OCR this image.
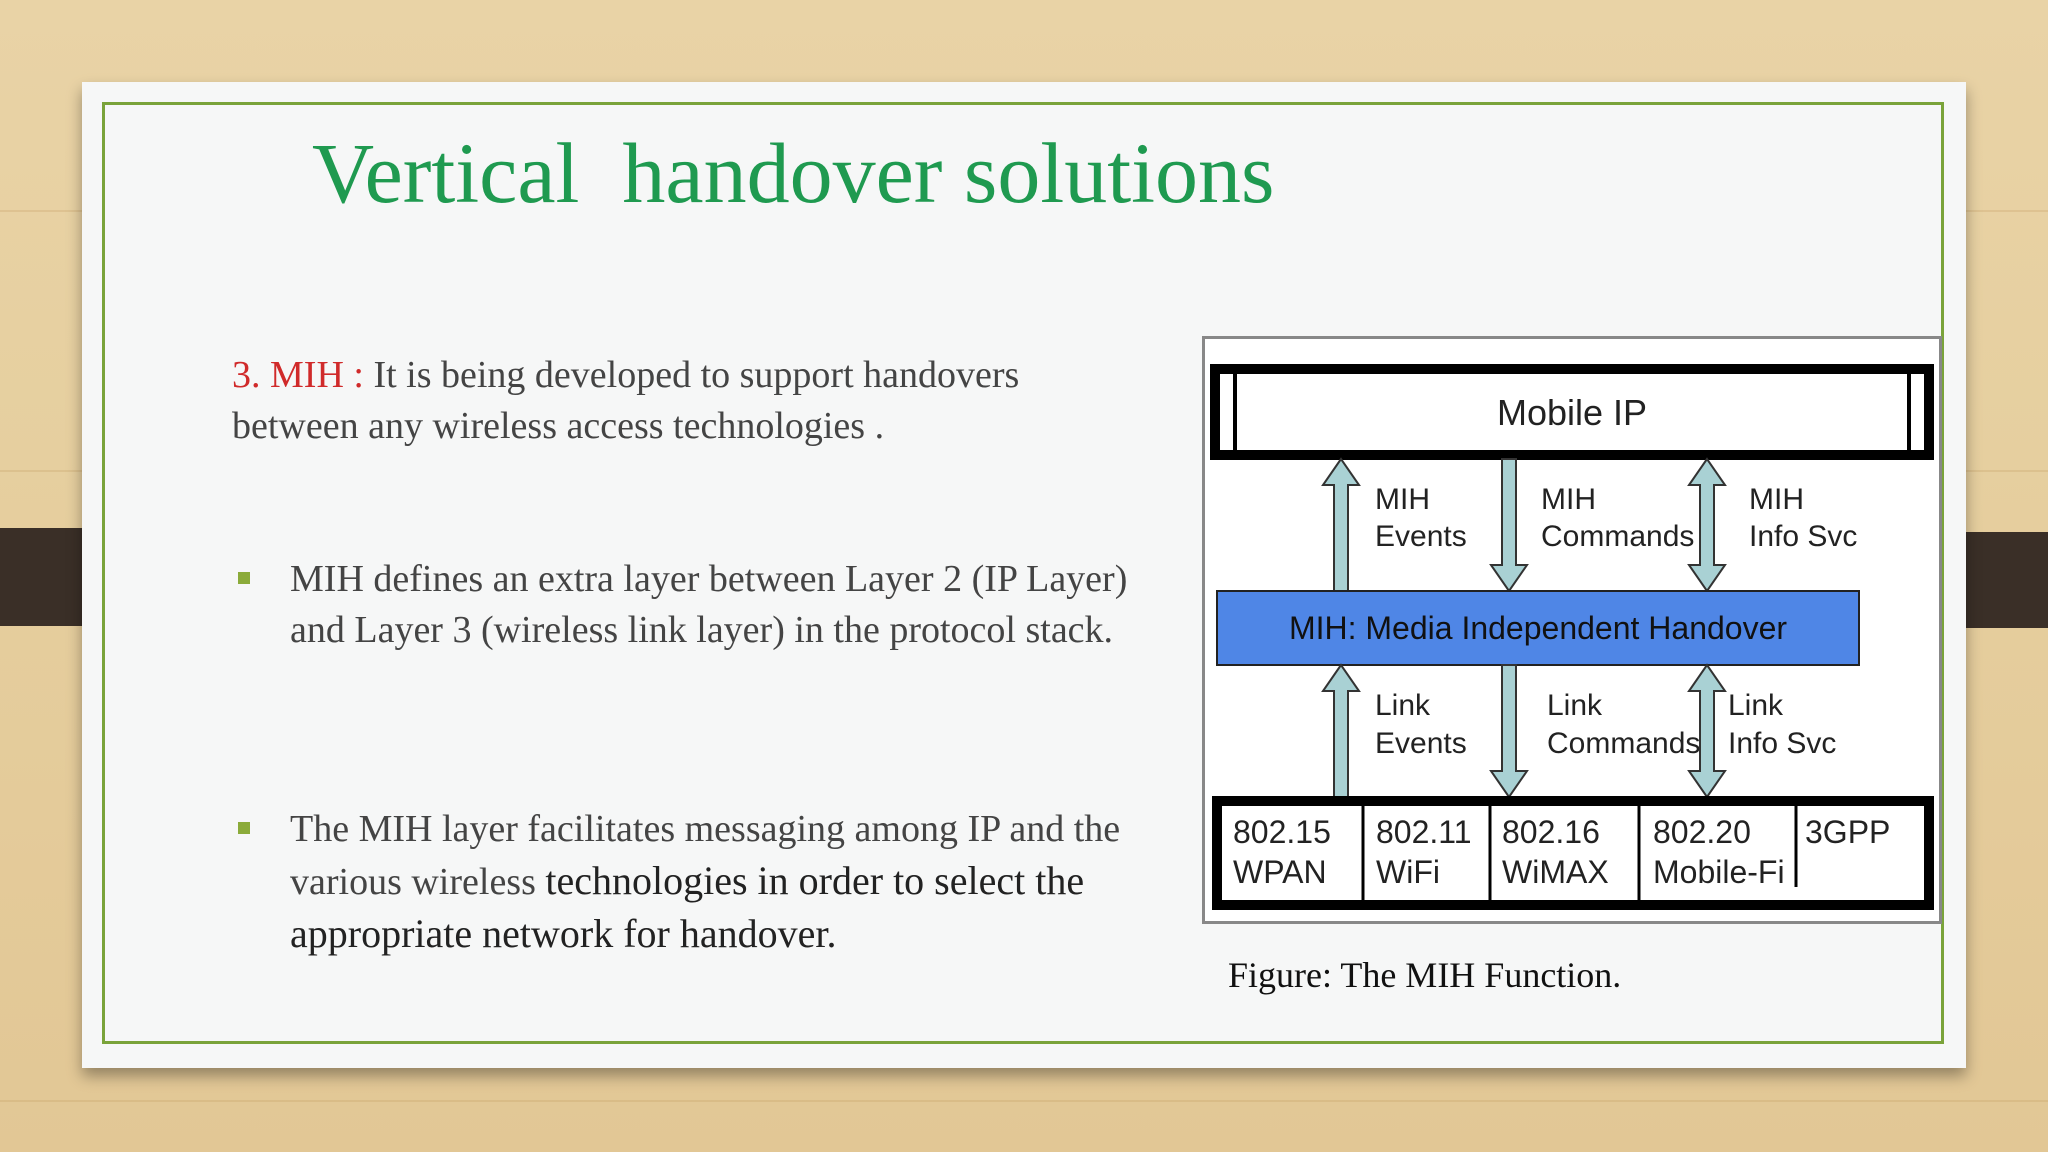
Vertical  handover solutions
3. MIH : It is being developed to support handovers between any wireless access technologies .
MIH defines an extra layer between Layer 2 (IP Layer) and Layer 3 (wireless link layer) in the protocol stack.
The MIH layer facilitates messaging among IP and the various wireless technologies in order to select the appropriate network for handover.
Mobile IP
MIH
Events
MIH
Commands
MIH
Info Svc
MIH: Media Independent Handover
Link
Events
Link
Commands
Link
Info Svc
802.15
WPAN
802.11
WiFi
802.16
WiMAX
802.20
Mobile-Fi
3GPP
Figure: The MIH Function.
